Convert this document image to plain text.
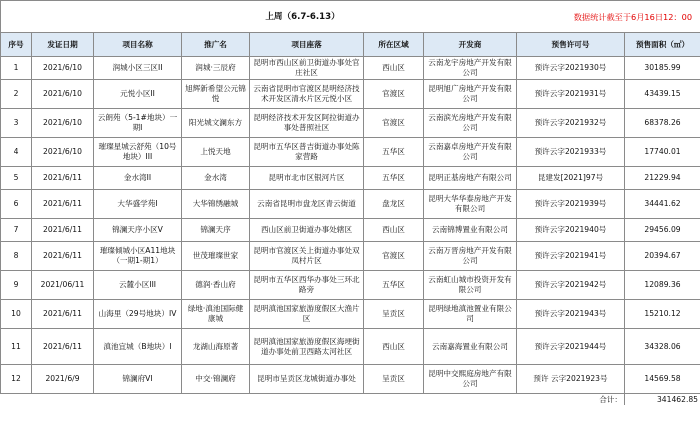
			上周（6.7-6.13）			数据统计截至于6月16日12：00		
序号	发证日期	项目名称	推广名	项目座落	所在区域	开发商	预售许可号	预售面积（㎡）
1	2021/6/10	润城小区三区II	润城·三辰府	昆明市西山区前卫街道办事处官庄社区	西山区	云南龙宇房地产开发有限公司	预许云字2021930号	30185.99
2	2021/6/10	元悦小区II	旭辉新希望公元锦悦	云南省昆明市官渡区昆明经济技术开发区清水片区元悦小区	官渡区	昆明旭广房地产开发有限公司	预许云字2021931号	43439.15
3	2021/6/10	云朗苑（5-1#地块）一期I	阳光城文澜东方	昆明经济技术开发区阿拉街道办事处普照社区	官渡区	云南滨光房地产开发有限公司	预许云字2021932号	68378.26
4	2021/6/10	璀璨星城云舒苑（10号地块）III	上悦天地	昆明市五华区普吉街道办事处陈家营路	五华区	云南嘉卓房地产开发有限公司	预许云字2021933号	17740.01
5	2021/6/11	金水湾II	金水湾	昆明市北市区银河片区	五华区	昆明正基房地产有限公司	昆建发[2021]97号	21229.94
6	2021/6/11	大华盛学苑I	大华锦绣融城	云南省昆明市盘龙区青云街道	盘龙区	昆明大华华泰房地产开发有限公司	预许云字2021939号	34441.62
7	2021/6/11	锦澜天序小区V	锦澜天序	西山区前卫街道办事处辖区	西山区	云南锦博置业有限公司	预许云字2021940号	29456.09
8	2021/6/11	璀璨倾城小区A11地块（一期1-期1）	世茂璀璨世家	昆明市官渡区关上街道办事处双凤村片区	官渡区	云南万晋房地产开发有限公司	预许云字2021941号	20394.67
9	2021/06/11	云麓小区III	德润·香山府	昆明市五华区西华办事处三环北路旁	五华区	云南虹山城市投资开发有限公司	预许云字2021942号	12089.36
10	2021/6/11	山海里（29号地块）IV	绿地·滇池国际健康城	昆明滇池国家旅游度假区大渔片区	呈贡区	昆明绿地滇池置业有限公司	预许云字2021943号	15210.12
11	2021/6/11	滇池宜城（B地块）I	龙湖山海原著	昆明滇池国家旅游度假区海埂街道办事处前卫西路太河社区	西山区	云南嘉海置业有限公司	预许云字2021944号	34328.06
12	2021/6/9	锦澜府VI	中交·锦澜府	昆明市呈贡区龙城街道办事处	呈贡区	昆明中交熙庭房地产有限公司	预许 云字2021923号	14569.58
							合计：	341462.85
